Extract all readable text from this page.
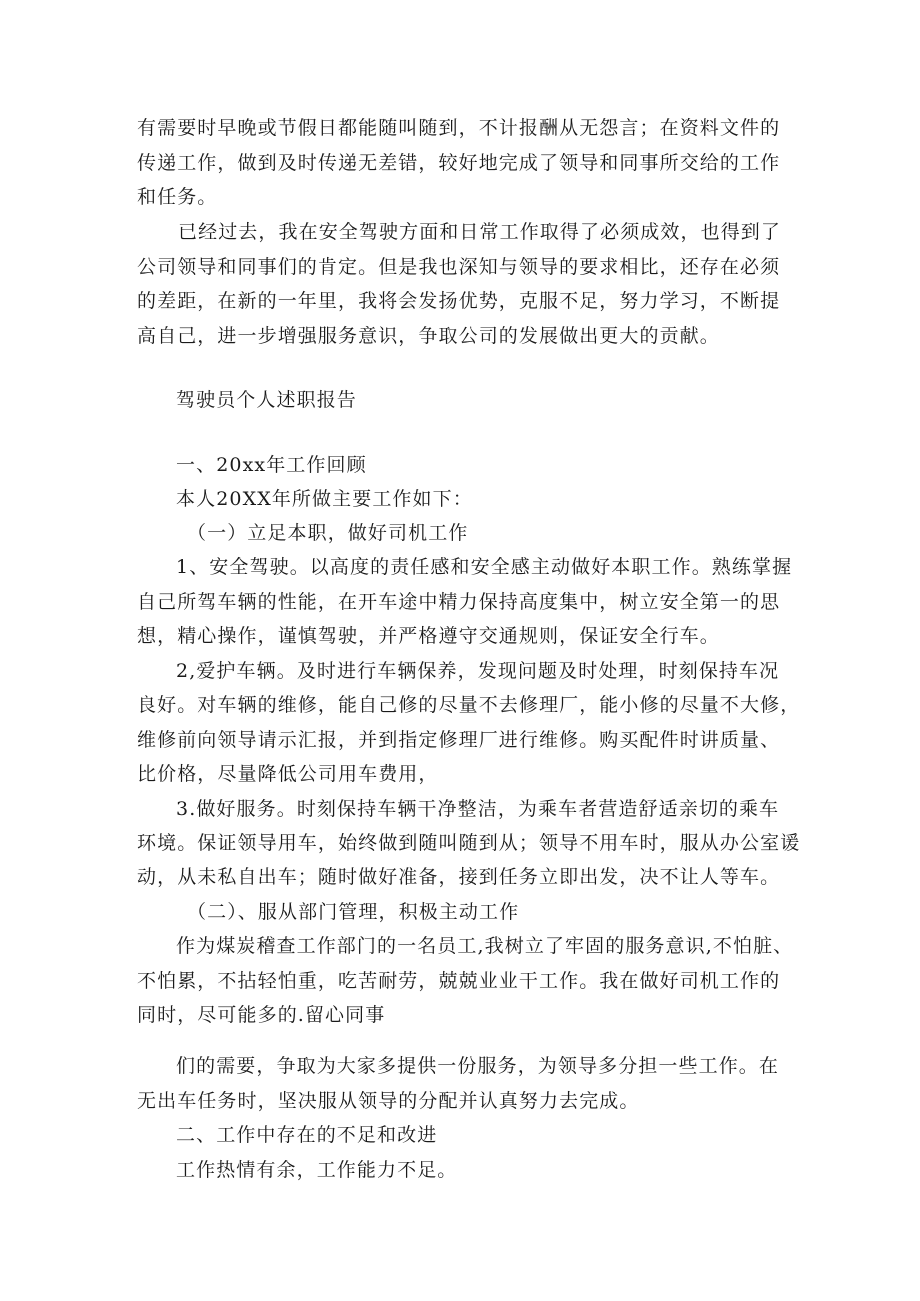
有需要时早晚或节假日都能随叫随到，不计报酬从无怨言；在资料文件的
传递工作，做到及时传递无差错，较好地完成了领导和同事所交给的工作
和任务。
已经过去，我在安全驾驶方面和日常工作取得了必须成效，也得到了
公司领导和同事们的肯定。但是我也深知与领导的要求相比，还存在必须
的差距，在新的一年里，我将会发扬优势，克服不足，努力学习，不断提
高自己，进一步增强服务意识，争取公司的发展做出更大的贡献。
驾驶员个人述职报告
一、20xx年工作回顾
本人20XX年所做主要工作如下：
（一）立足本职，做好司机工作
1、安全驾驶。以高度的责任感和安全感主动做好本职工作。熟练掌握
自己所驾车辆的性能，在开车途中精力保持高度集中，树立安全第一的思
想，精心操作，谨慎驾驶，并严格遵守交通规则，保证安全行车。
2,爱护车辆。及时进行车辆保养，发现问题及时处理，时刻保持车况
良好。对车辆的维修，能自己修的尽量不去修理厂，能小修的尽量不大修，
维修前向领导请示汇报，并到指定修理厂进行维修。购买配件时讲质量、
比价格，尽量降低公司用车费用，
3.做好服务。时刻保持车辆干净整洁，为乘车者营造舒适亲切的乘车
环境。保证领导用车，始终做到随叫随到从；领导不用车时，服从办公室谖
动，从未私自出车；随时做好准备，接到任务立即出发，决不让人等车。
（二）、服从部门管理，积极主动工作
作为煤炭稽查工作部门的一名员工,我树立了牢固的服务意识,不怕脏、
不怕累，不拈轻怕重，吃苦耐劳，兢兢业业干工作。我在做好司机工作的
同时，尽可能多的.留心同事
们的需要，争取为大家多提供一份服务，为领导多分担一些工作。在
无出车任务时，坚决服从领导的分配并认真努力去完成。
二、工作中存在的不足和改进
工作热情有余，工作能力不足。
